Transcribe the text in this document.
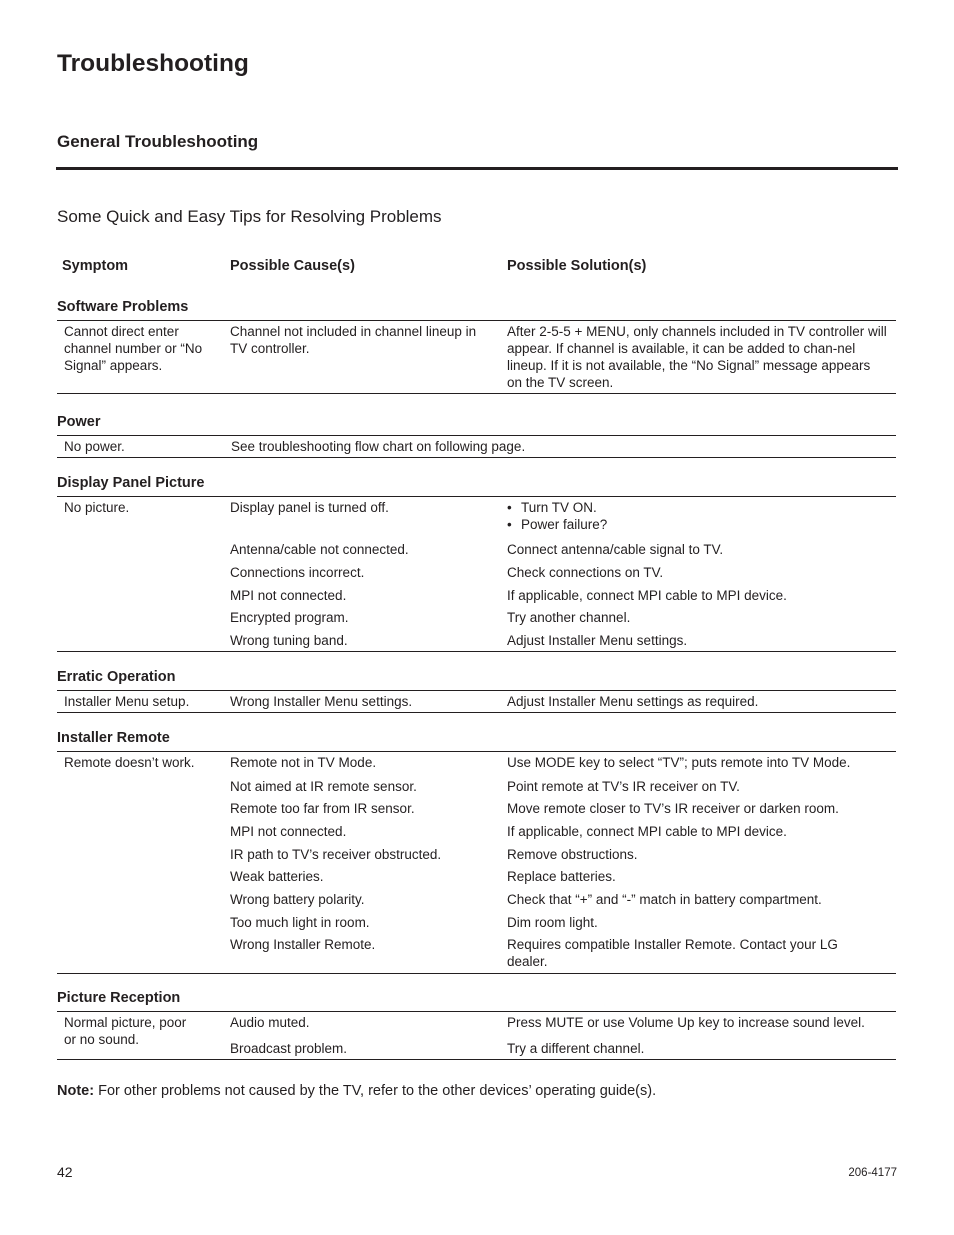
Troubleshooting
General Troubleshooting
Some Quick and Easy Tips for Resolving Problems
Symptom	Possible Cause(s)	Possible Solution(s)
Software Problems
Cannot direct enter channel number or “No Signal” appears.
Channel not included in channel lineup in TV controller.
After 2-5-5 + MENU, only channels included in TV controller will appear. If channel is available, it can be added to chan-nel lineup. If it is not available, the “No Signal” message appears on the TV screen.
Power
No power.	See troubleshooting flow chart on following page.
Display Panel Picture
No picture.	Display panel is turned off.
•	Turn TV ON.
• Power failure?
Antenna/cable not connected.	Connect antenna/cable signal to TV.
Connections incorrect.	Check connections on TV.
MPI not connected.	If applicable, connect MPI cable to MPI device.
Encrypted program.	Try another channel.
Wrong tuning band.	Adjust Installer Menu settings.
Erratic Operation
Installer Menu setup.	Wrong Installer Menu settings.	Adjust Installer Menu settings as required.
Installer Remote
Remote doesn’t work.	Remote not in TV Mode.	Use MODE key to select “TV”; puts remote into TV Mode.
Not aimed at IR remote sensor.	Point remote at TV’s IR receiver on TV.
Remote too far from IR sensor.	Move remote closer to TV’s IR receiver or darken room.
MPI not connected.	If applicable, connect MPI cable to MPI device.
IR path to TV’s receiver obstructed.	Remove obstructions.
Weak batteries.	Replace batteries.
Wrong battery polarity.	Check that “+” and “-” match in battery compartment.
Too much light in room.	Dim room light.
Wrong Installer Remote.	Requires compatible Installer Remote. Contact your LG dealer.
Picture Reception
Normal picture, poor or no sound.
Audio muted.	Press MUTE or use Volume Up key to increase sound level.
Broadcast problem.	Try a different channel.
Note: For other problems not caused by the TV, refer to the other devices’ operating guide(s).
42	206-4177
